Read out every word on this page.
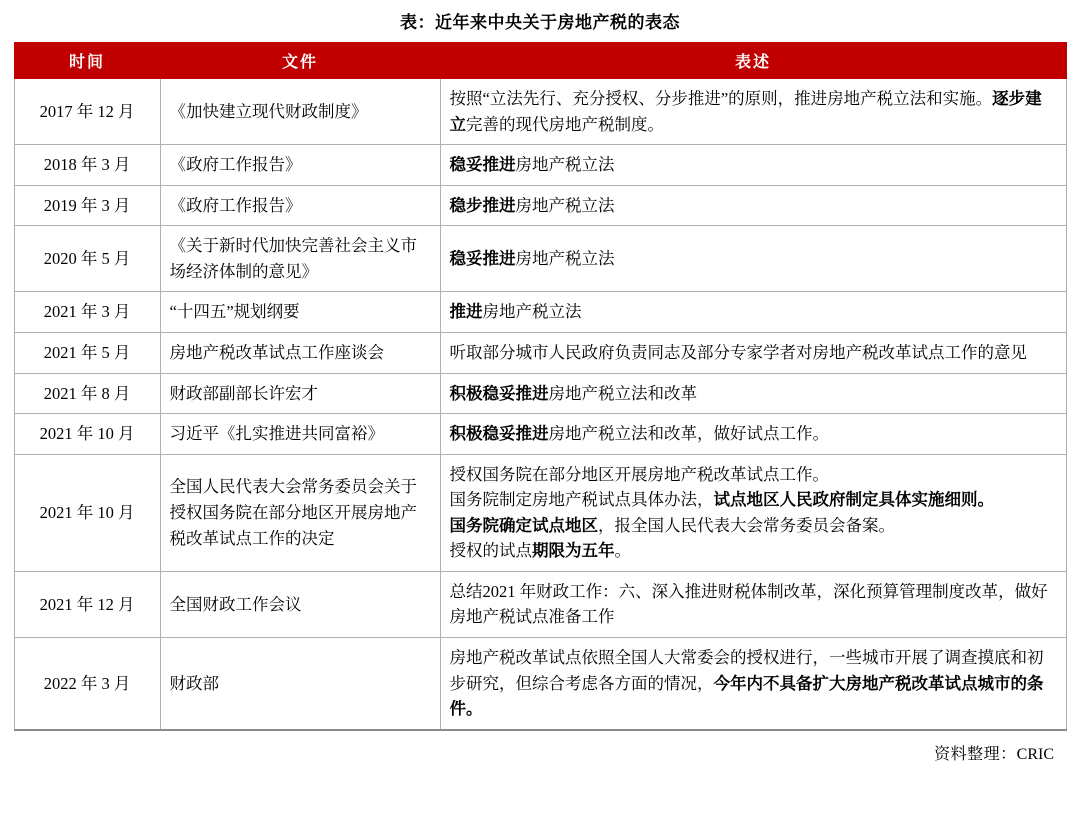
表：近年来中央关于房地产税的表态
时间	文件	表述
2017 年 12 月	《加快建立现代财政制度》	按照“立法先行、充分授权、分步推进”的原则，推进房地产税立法和实施。逐步建立完善的现代房地产税制度。
2018 年 3 月	《政府工作报告》	稳妥推进房地产税立法
2019 年 3 月	《政府工作报告》	稳步推进房地产税立法
2020 年 5 月	《关于新时代加快完善社会主义市场经济体制的意见》	稳妥推进房地产税立法
2021 年 3 月	“十四五”规划纲要	推进房地产税立法
2021 年 5 月	房地产税改革试点工作座谈会	听取部分城市人民政府负责同志及部分专家学者对房地产税改革试点工作的意见
2021 年 8 月	财政部副部长许宏才	积极稳妥推进房地产税立法和改革
2021 年 10 月	习近平《扎实推进共同富裕》	积极稳妥推进房地产税立法和改革，做好试点工作。
2021 年 10 月	全国人民代表大会常务委员会关于授权国务院在部分地区开展房地产税改革试点工作的决定	授权国务院在部分地区开展房地产税改革试点工作。
国务院制定房地产税试点具体办法，试点地区人民政府制定具体实施细则。
国务院确定试点地区，报全国人民代表大会常务委员会备案。
授权的试点期限为五年。
2021 年 12 月	全国财政工作会议	总结2021 年财政工作：六、深入推进财税体制改革，深化预算管理制度改革，做好房地产税试点准备工作
2022 年 3 月	财政部	房地产税改革试点依照全国人大常委会的授权进行，一些城市开展了调查摸底和初步研究，但综合考虑各方面的情况，今年内不具备扩大房地产税改革试点城市的条件。
资料整理：CRIC
